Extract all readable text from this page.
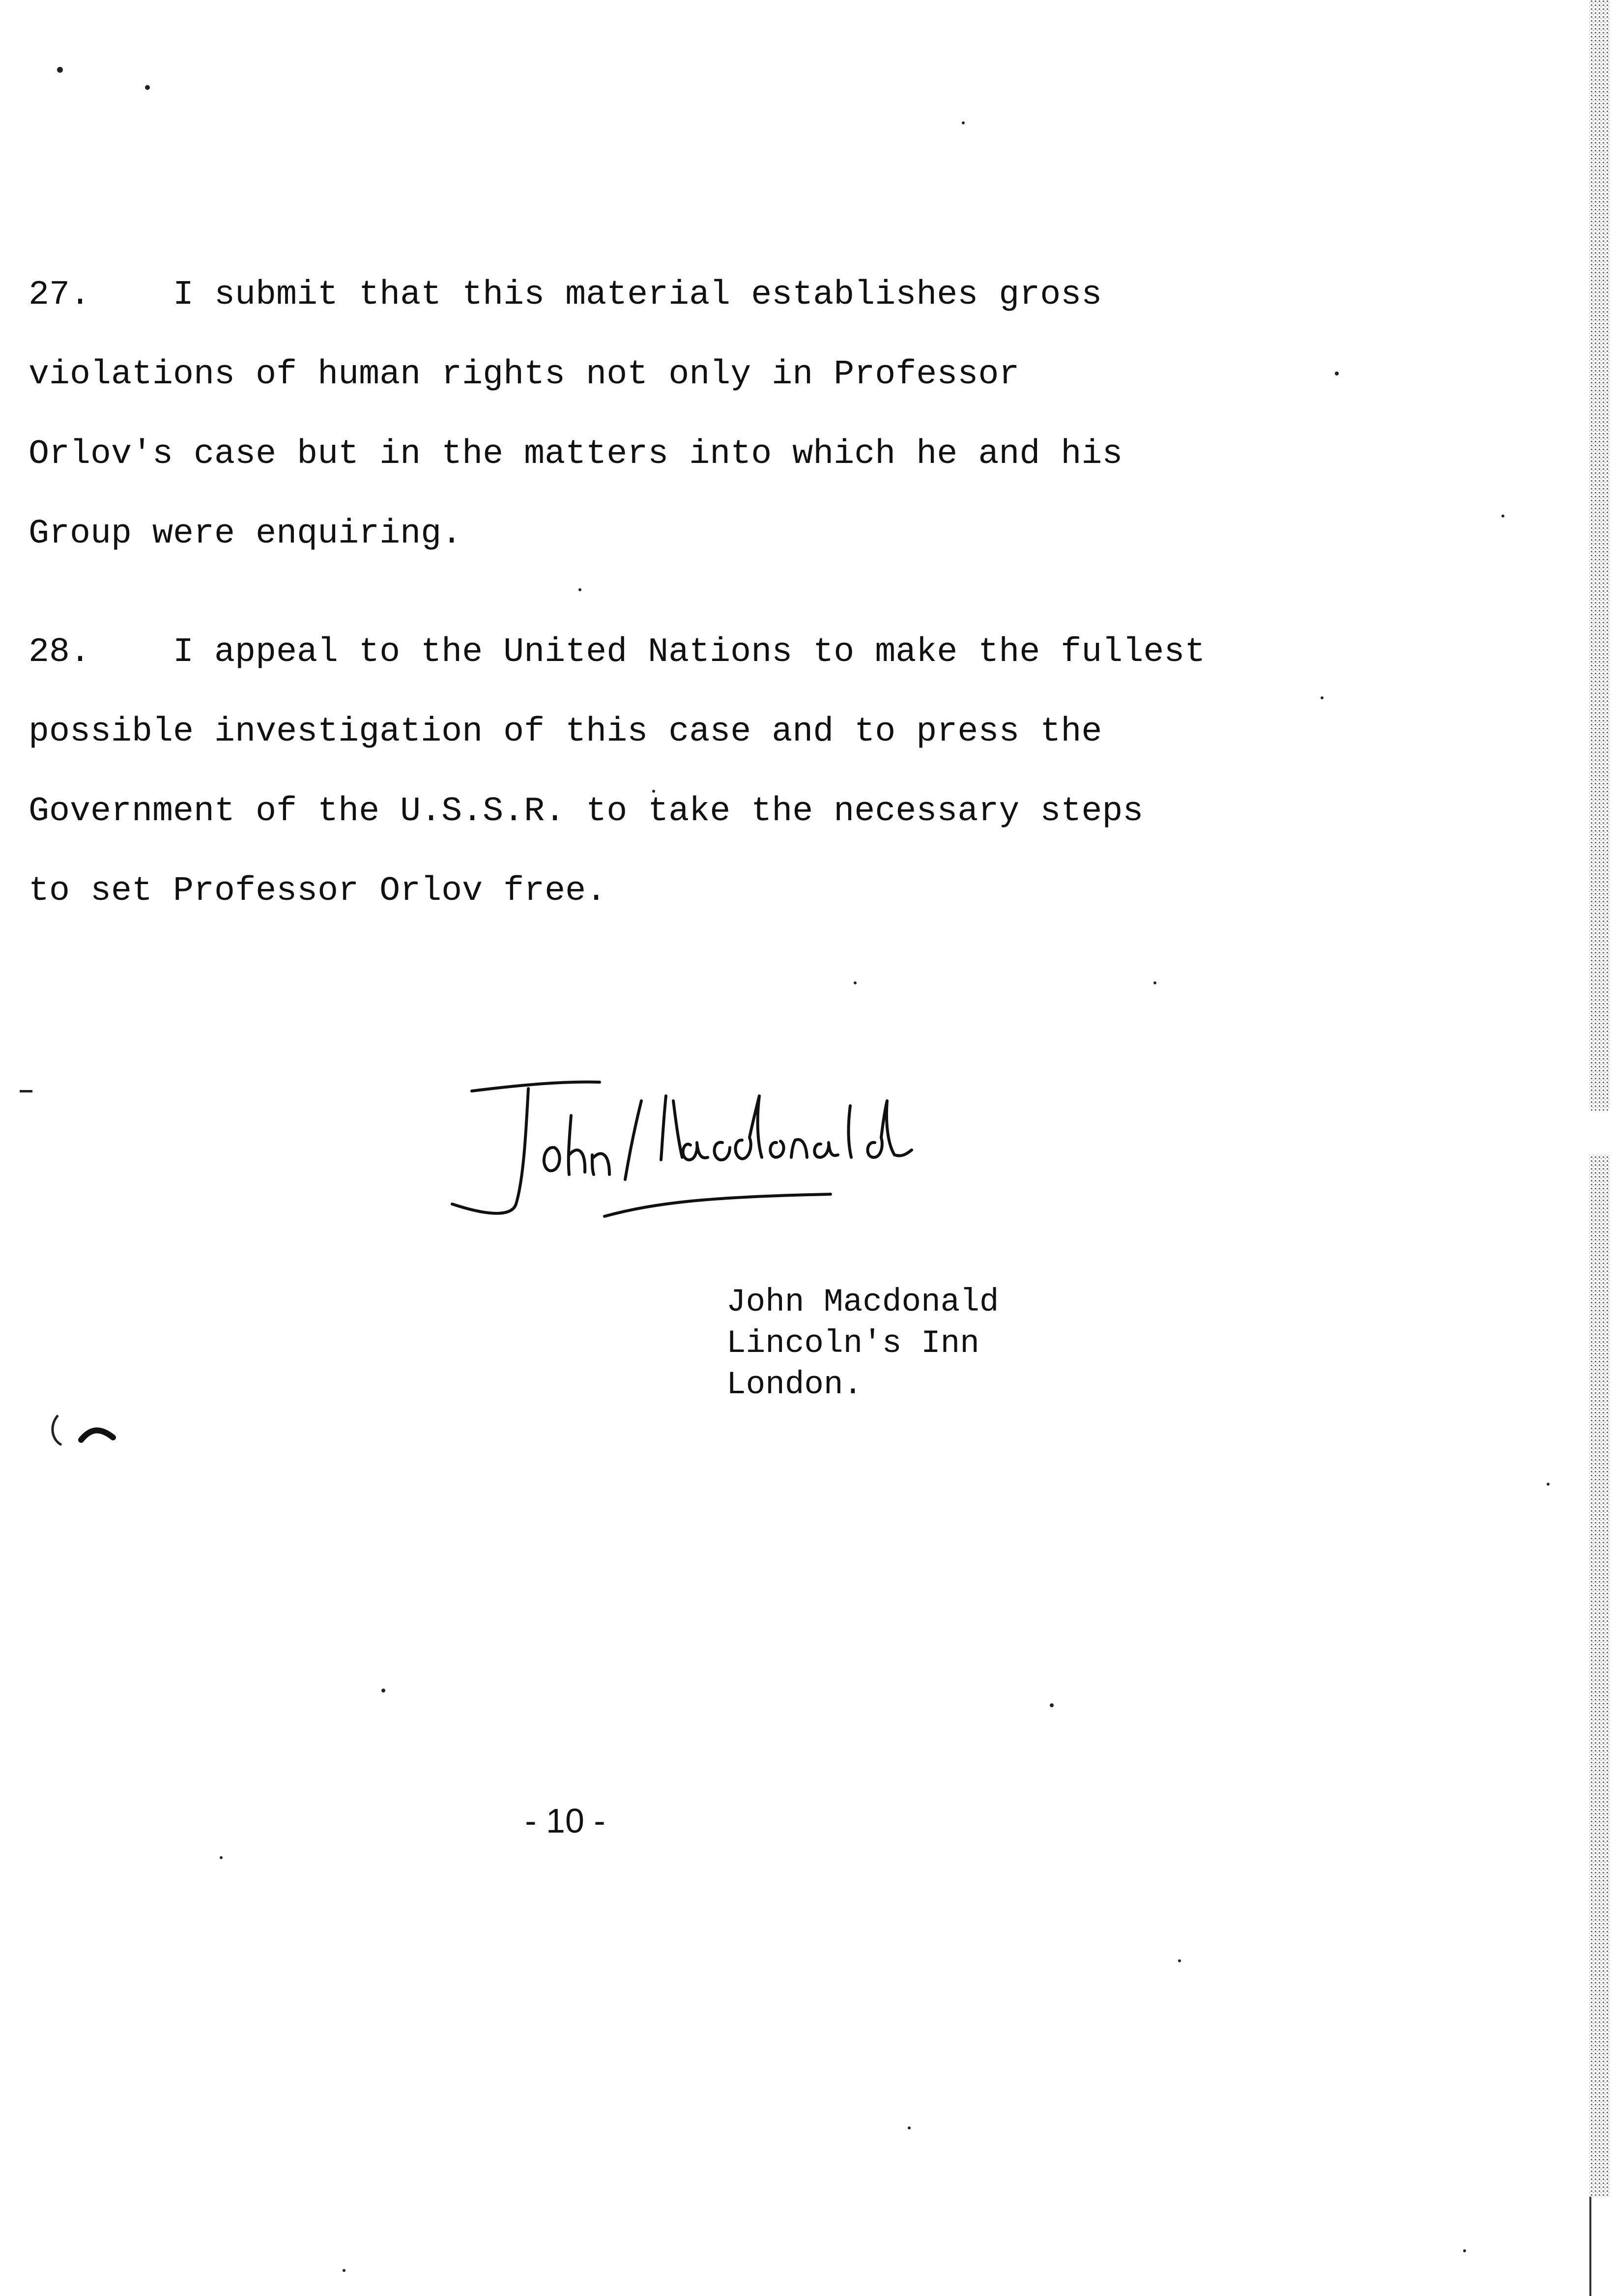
27. I submit that this material establishes gross
violations of human rights not only in Professor
Orlov's case but in the matters into which he and his
Group were enquiring.
28. I appeal to the United Nations to make the fullest
possible investigation of this case and to press the
Government of the U.S.S.R. to take the necessary steps
to set Professor Orlov free.
John Macdonald
Lincoln's Inn
London.
- 10 -
